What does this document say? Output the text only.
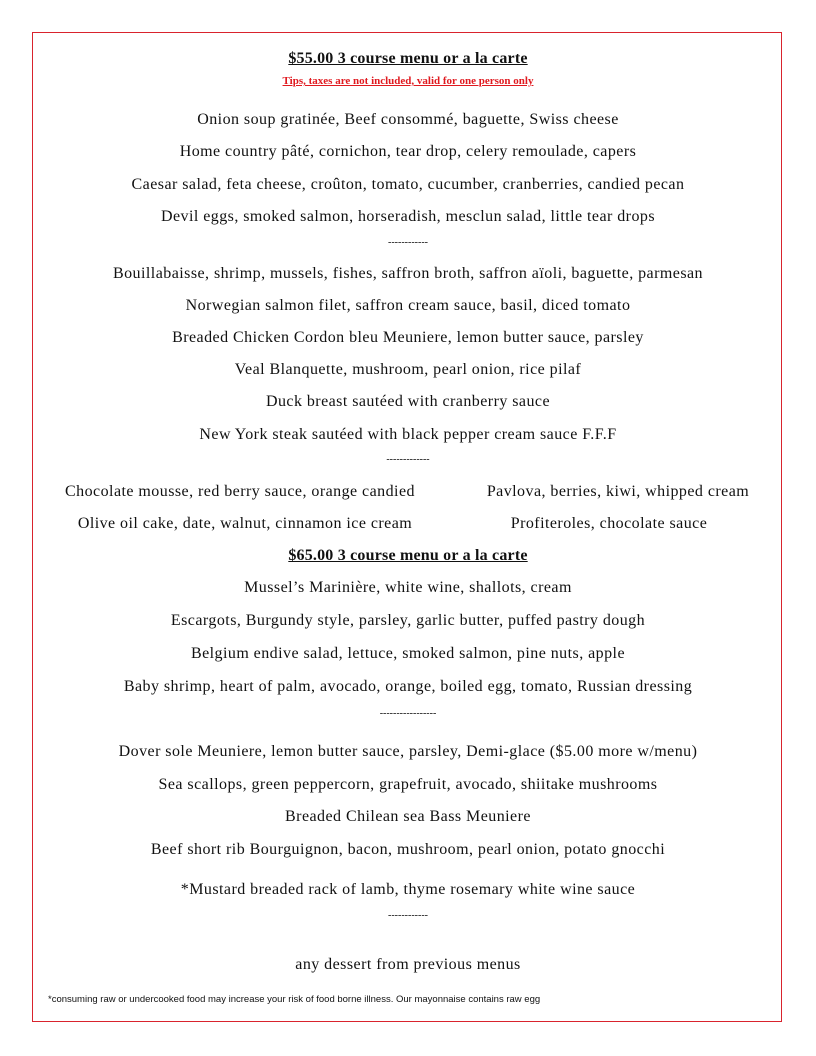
$55.00 3 course menu or a la carte
Tips, taxes are not included, valid for one person only
Onion soup gratinée, Beef consommé, baguette, Swiss cheese
Home country pâté, cornichon, tear drop, celery remoulade, capers
Caesar salad, feta cheese, croûton, tomato, cucumber, cranberries, candied pecan
Devil eggs, smoked salmon, horseradish, mesclun salad, little tear drops
------------
Bouillabaisse, shrimp, mussels, fishes, saffron broth, saffron aïoli, baguette, parmesan
Norwegian salmon filet, saffron cream sauce, basil, diced tomato
Breaded Chicken Cordon bleu Meuniere, lemon butter sauce, parsley
Veal Blanquette, mushroom, pearl onion, rice pilaf
Duck breast sautéed with cranberry sauce
New York steak sautéed with black pepper cream sauce F.F.F
-------------
Chocolate mousse, red berry sauce, orange candied
Olive oil cake, date, walnut, cinnamon ice cream
Pavlova, berries, kiwi, whipped cream
Profiteroles, chocolate sauce
$65.00 3 course menu or a la carte
Mussel’s Marinière, white wine, shallots, cream
Escargots, Burgundy style, parsley, garlic butter, puffed pastry dough
Belgium endive salad, lettuce, smoked salmon, pine nuts, apple
Baby shrimp, heart of palm, avocado, orange, boiled egg, tomato, Russian dressing
-----------------
Dover sole Meuniere, lemon butter sauce, parsley, Demi-glace ($5.00 more w/menu)
Sea scallops, green peppercorn, grapefruit, avocado, shiitake mushrooms
Breaded Chilean sea Bass Meuniere
Beef short rib Bourguignon, bacon, mushroom, pearl onion, potato gnocchi
*Mustard breaded rack of lamb, thyme rosemary white wine sauce
------------
any dessert from previous menus
*consuming raw or undercooked food may increase your risk of food borne illness. Our mayonnaise contains raw egg
